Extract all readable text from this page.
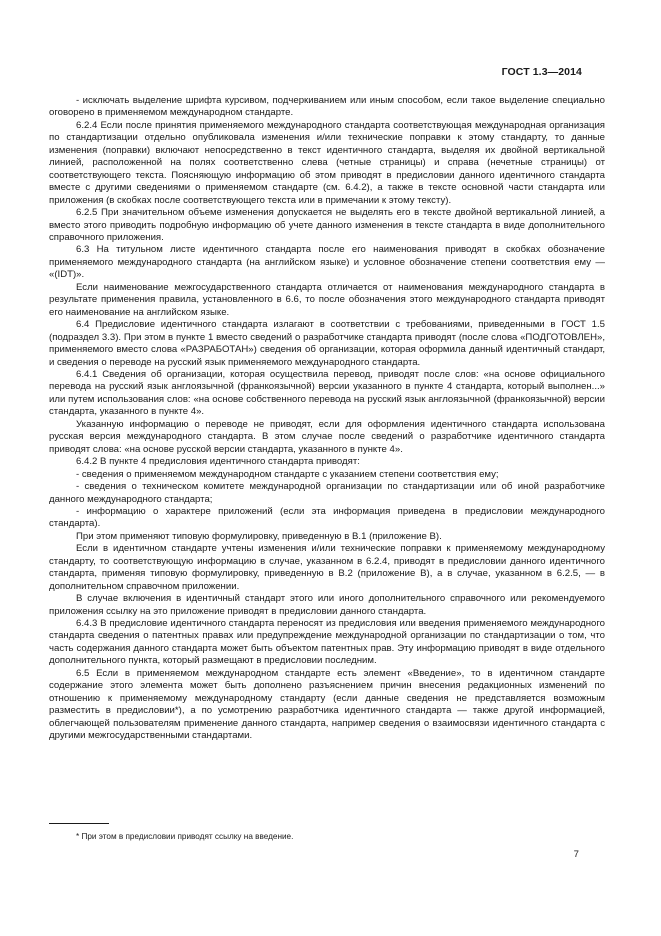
ГОСТ 1.3—2014

- исключать выделение шрифта курсивом, подчеркиванием или иным способом, если такое выделение специально оговорено в применяемом международном стандарте.

6.2.4 Если после принятия применяемого международного стандарта соответствующая международная организация по стандартизации отдельно опубликовала изменения и/или технические поправки к этому стандарту, то данные изменения (поправки) включают непосредственно в текст идентичного стандарта, выделяя их двойной вертикальной линией, расположенной на полях соответственно слева (четные страницы) и справа (нечетные страницы) от соответствующего текста. Поясняющую информацию об этом приводят в предисловии данного идентичного стандарта вместе с другими сведениями о применяемом стандарте (см. 6.4.2), а также в тексте основной части стандарта или приложения (в скобках после соответствующего текста или в примечании к этому тексту).

6.2.5 При значительном объеме изменения допускается не выделять его в тексте двойной вертикальной линией, а вместо этого приводить подробную информацию об учете данного изменения в тексте стандарта в виде дополнительного справочного приложения.

6.3 На титульном листе идентичного стандарта после его наименования приводят в скобках обозначение применяемого международного стандарта (на английском языке) и условное обозначение степени соответствия ему — «(IDT)».

Если наименование межгосударственного стандарта отличается от наименования международного стандарта в результате применения правила, установленного в 6.6, то после обозначения этого международного стандарта приводят его наименование на английском языке.

6.4 Предисловие идентичного стандарта излагают в соответствии с требованиями, приведенными в ГОСТ 1.5 (подраздел 3.3). При этом в пункте 1 вместо сведений о разработчике стандарта приводят (после слова «ПОДГОТОВЛЕН», применяемого вместо слова «РАЗРАБОТАН») сведения об организации, которая оформила данный идентичный стандарт, и сведения о переводе на русский язык применяемого международного стандарта.

6.4.1 Сведения об организации, которая осуществила перевод, приводят после слов: «на основе официального перевода на русский язык англоязычной (франкоязычной) версии указанного в пункте 4 стандарта, который выполнен...» или путем использования слов: «на основе собственного перевода на русский язык англоязычной (франкоязычной) версии стандарта, указанного в пункте 4».

Указанную информацию о переводе не приводят, если для оформления идентичного стандарта использована русская версия международного стандарта. В этом случае после сведений о разработчике идентичного стандарта приводят слова: «на основе русской версии стандарта, указанного в пункте 4».

6.4.2 В пункте 4 предисловия идентичного стандарта приводят:

- сведения о применяемом международном стандарте с указанием степени соответствия ему;

- сведения о техническом комитете международной организации по стандартизации или об иной разработчике данного международного стандарта;

- информацию о характере приложений (если эта информация приведена в предисловии международного стандарта).

При этом применяют типовую формулировку, приведенную в В.1 (приложение В).

Если в идентичном стандарте учтены изменения и/или технические поправки к применяемому международному стандарту, то соответствующую информацию в случае, указанном в 6.2.4, приводят в предисловии данного идентичного стандарта, применяя типовую формулировку, приведенную в В.2 (приложение В), а в случае, указанном в 6.2.5, — в дополнительном справочном приложении.

В случае включения в идентичный стандарт этого или иного дополнительного справочного или рекомендуемого приложения ссылку на это приложение приводят в предисловии данного стандарта.

6.4.3 В предисловие идентичного стандарта переносят из предисловия или введения применяемого международного стандарта сведения о патентных правах или предупреждение международной организации по стандартизации о том, что часть содержания данного стандарта может быть объектом патентных прав. Эту информацию приводят в виде отдельного дополнительного пункта, который размещают в предисловии последним.

6.5 Если в применяемом международном стандарте есть элемент «Введение», то в идентичном стандарте содержание этого элемента может быть дополнено разъяснением причин внесения редакционных изменений по отношению к применяемому международному стандарту (если данные сведения не представляется возможным разместить в предисловии*), а по усмотрению разработчика идентичного стандарта — также другой информацией, облегчающей пользователям применение данного стандарта, например сведения о взаимосвязи идентичного стандарта с другими межгосударственными стандартами.

* При этом в предисловии приводят ссылку на введение.
7
